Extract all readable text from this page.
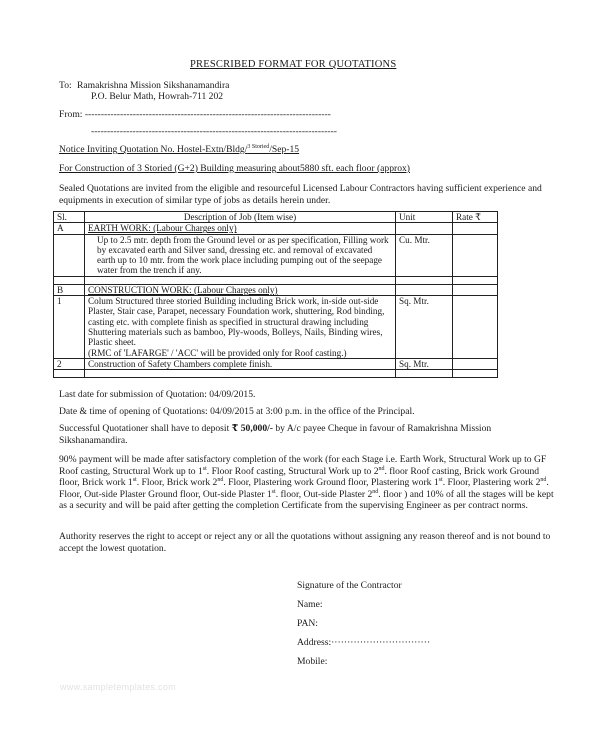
PRESCRIBED FORMAT FOR QUOTATIONS
To: Ramakrishna Mission Sikshanamandira
P.O. Belur Math, Howrah-711 202
From: -----------------------------------------------------------------------------
-----------------------------------------------------------------------------
Notice Inviting Quotation No. Hostel-Extn/Bldg/$^{3 Storied}$/Sep-15
For Construction of 3 Storied (G+2) Building measuring about5880 sft. each floor (approx)
Sealed Quotations are invited from the eligible and resourceful Licensed Labour Contractors having sufficient experience and equipments in execution of similar type of jobs as details herein under.
Sl.	Description of Job (Item wise)	Unit	Rate ₹
A	EARTH WORK: (Labour Charges only)		
	Up to 2.5 mtr. depth from the Ground level or as per specification, Filling work by excavated earth and Silver sand, dressing etc. and removal of excavated earth up to 10 mtr. from the work place including pumping out of the seepage water from the trench if any.	Cu. Mtr.	

B	CONSTRUCTION WORK: (Labour Charges only)		
1	Colum Structured three storied Building including Brick work, in-side out-side Plaster, Stair case, Parapet, necessary Foundation work, shuttering, Rod binding, casting etc. with complete finish as specified in structural drawing including Shuttering materials such as bamboo, Ply-woods, Bolleys, Nails, Binding wires, Plastic sheet.
(RMC of 'LAFARGE' / 'ACC' will be provided only for Roof casting.)	Sq. Mtr.	
2	Construction of Safety Chambers complete finish.	Sq. Mtr.	

Last date for submission of Quotation: 04/09/2015.
Date & time of opening of Quotations: 04/09/2015 at 3:00 p.m. in the office of the Principal.
Successful Quotationer shall have to deposit ₹ 50,000/- by A/c payee Cheque in favour of Ramakrishna Mission Sikshanamandira.
90% payment will be made after satisfactory completion of the work (for each Stage i.e. Earth Work, Structural Work up to GF Roof casting, Structural Work up to 1st. Floor Roof casting, Structural Work up to 2nd. floor Roof casting, Brick work Ground floor, Brick work 1st. Floor, Brick work 2nd. Floor, Plastering work Ground floor, Plastering work 1st. Floor, Plastering work 2nd. Floor, Out-side Plaster Ground floor, Out-side Plaster 1st. floor, Out-side Plaster 2nd. floor ) and 10% of all the stages will be kept as a security and will be paid after getting the completion Certificate from the supervising Engineer as per contract norms.
Authority reserves the right to accept or reject any or all the quotations without assigning any reason thereof and is not bound to accept the lowest quotation.
Signature of the Contractor
Name:
PAN:
Address:·······························
Mobile:
www.sampletemplates.com
